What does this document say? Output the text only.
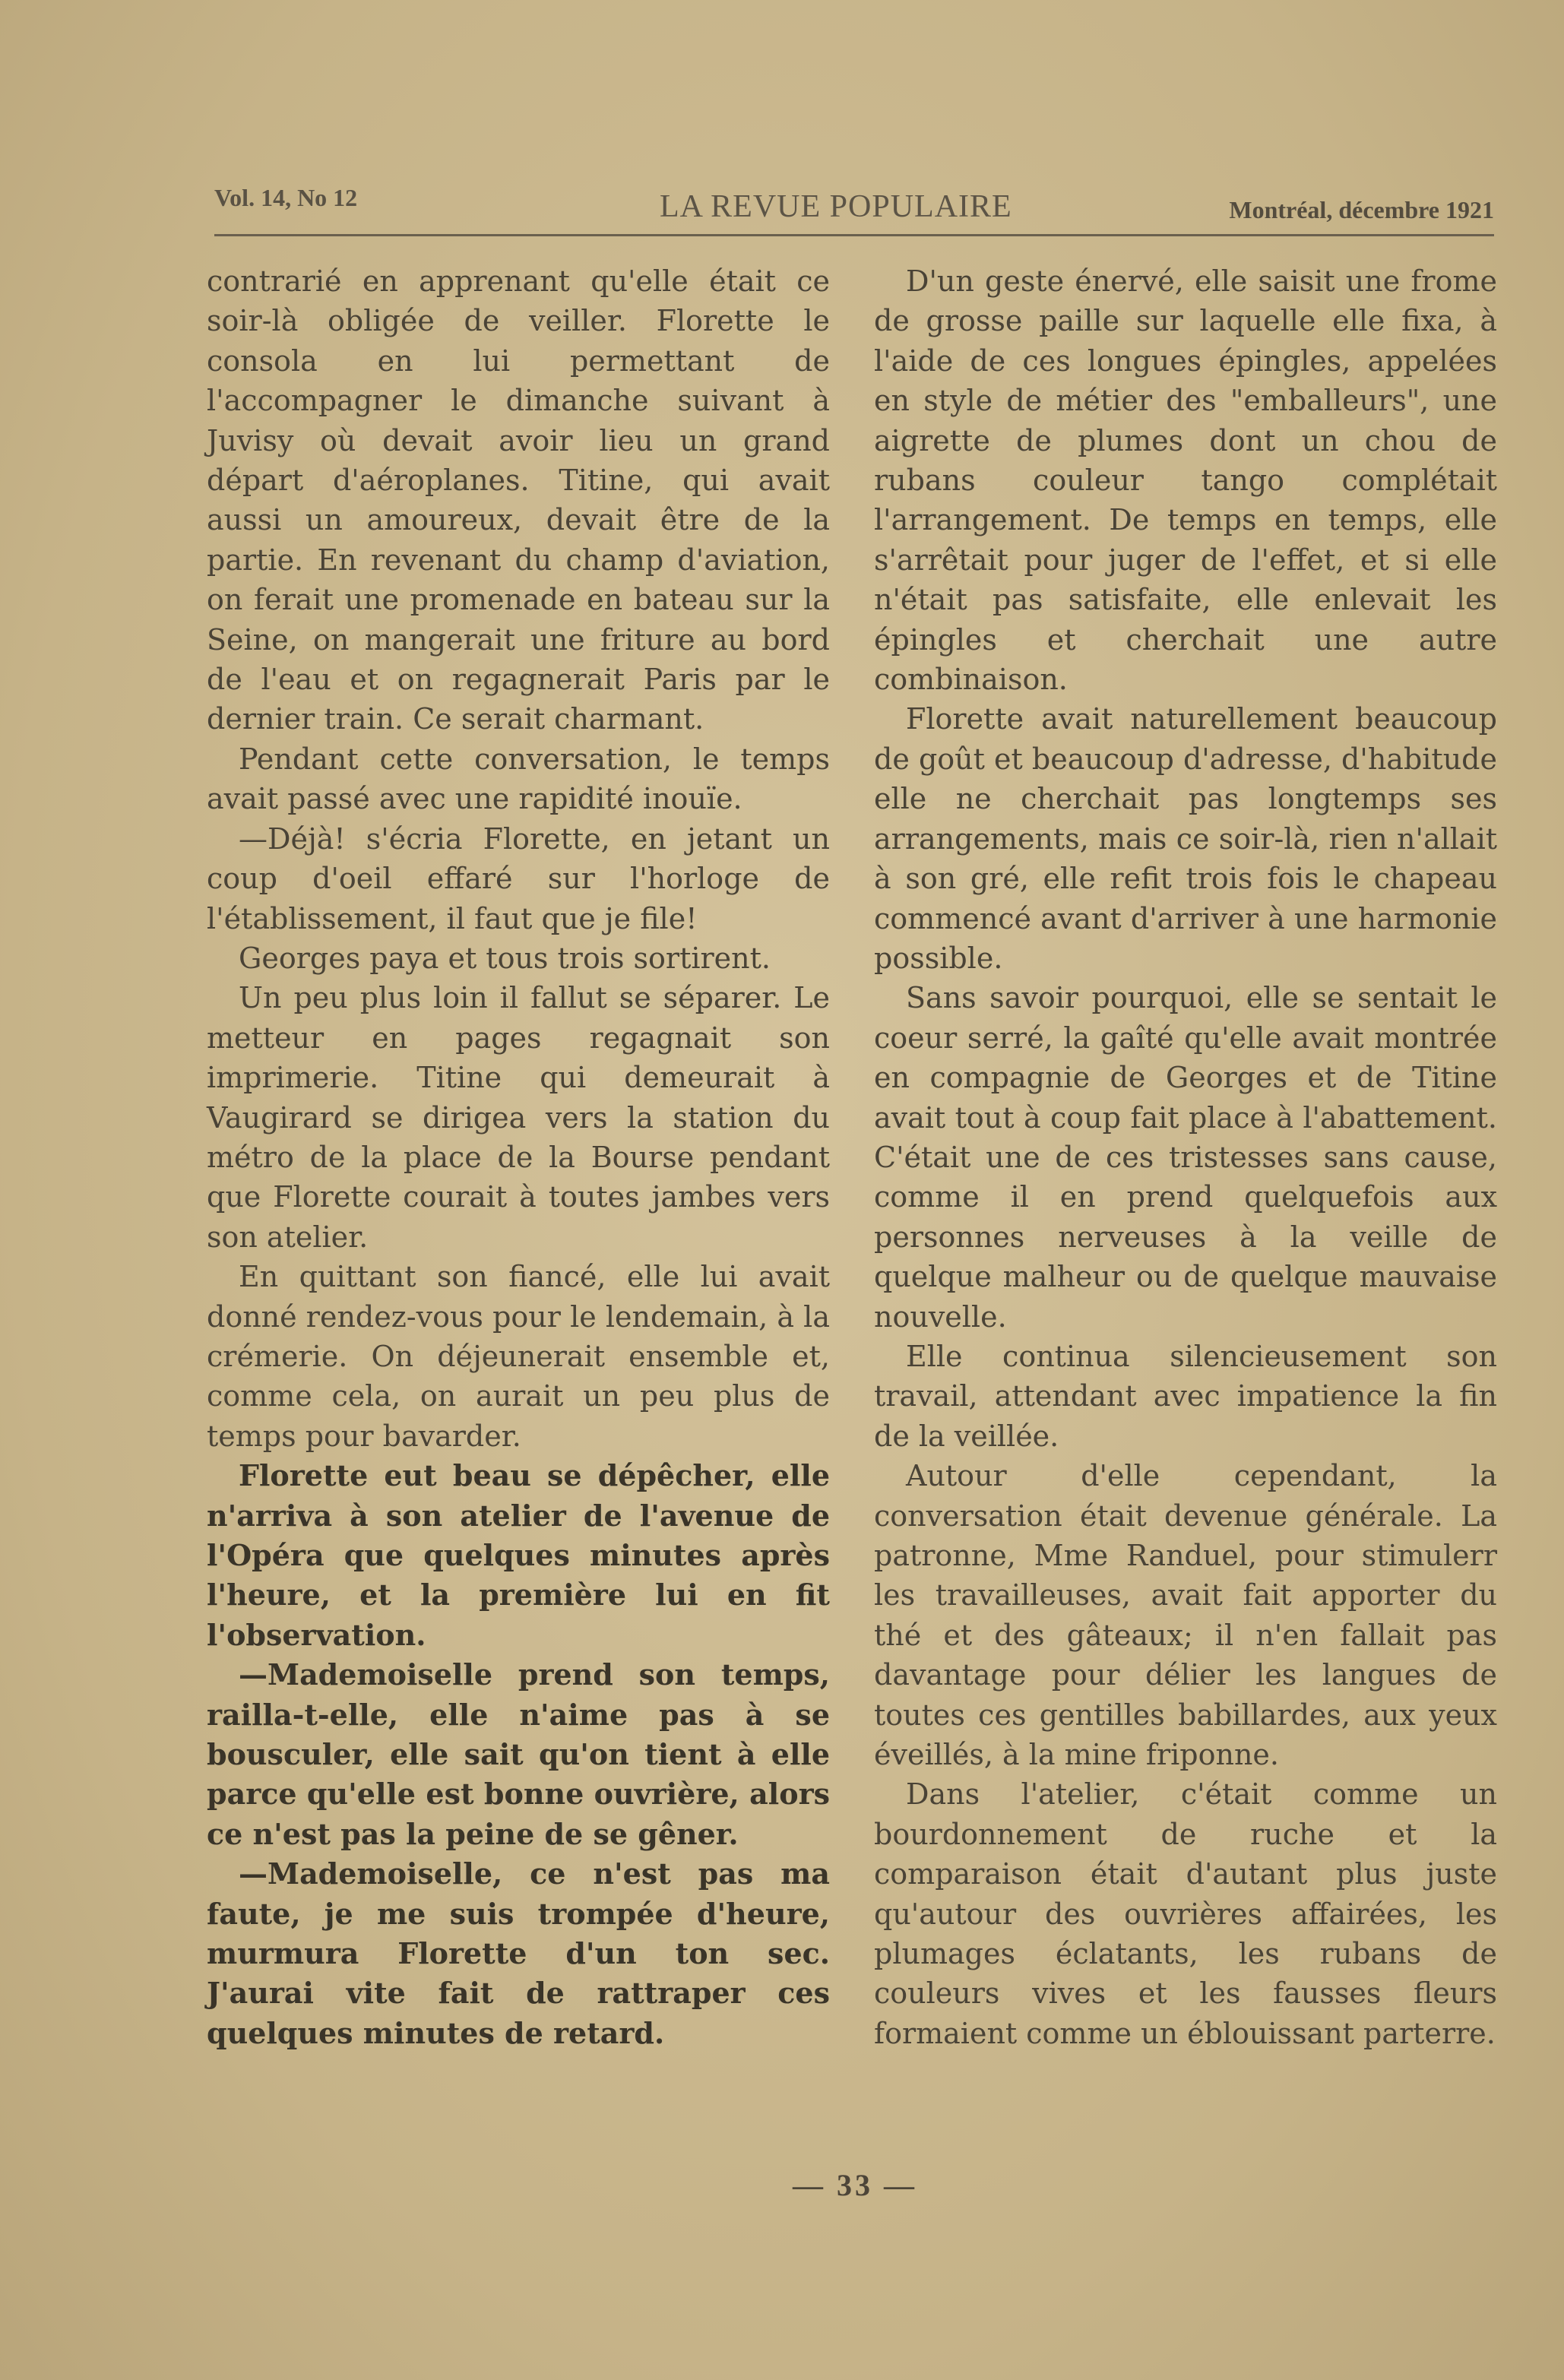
Vol. 14, No 12	LA REVUE POPULAIRE	Montréal, décembre 1921

contrarié en apprenant qu'elle était ce soir-là obligée de veiller. Florette le consola en lui permettant de l'accompagner le dimanche suivant à Juvisy où devait avoir lieu un grand départ d'aéroplanes. Titine, qui avait aussi un amoureux, devait être de la partie. En revenant du champ d'aviation, on ferait une promenade en bateau sur la Seine, on mangerait une friture au bord de l'eau et on regagnerait Paris par le dernier train. Ce serait charmant.

Pendant cette conversation, le temps avait passé avec une rapidité inouïe.

—Déjà! s'écria Florette, en jetant un coup d'oeil effaré sur l'horloge de l'établissement, il faut que je file!

Georges paya et tous trois sortirent.

Un peu plus loin il fallut se séparer. Le metteur en pages regagnait son imprimerie. Titine qui demeurait à Vaugirard se dirigea vers la station du métro de la place de la Bourse pendant que Florette courait à toutes jambes vers son atelier.

En quittant son fiancé, elle lui avait donné rendez-vous pour le lendemain, à la crémerie. On déjeunerait ensemble et, comme cela, on aurait un peu plus de temps pour bavarder.

Florette eut beau se dépêcher, elle n'arriva à son atelier de l'avenue de l'Opéra que quelques minutes après l'heure, et la première lui en fit l'observation.

—Mademoiselle prend son temps, railla-t-elle, elle n'aime pas à se bousculer, elle sait qu'on tient à elle parce qu'elle est bonne ouvrière, alors ce n'est pas la peine de se gêner.

—Mademoiselle, ce n'est pas ma faute, je me suis trompée d'heure, murmura Florette d'un ton sec. J'aurai vite fait de rattraper ces quelques minutes de retard.

D'un geste énervé, elle saisit une frome de grosse paille sur laquelle elle fixa, à l'aide de ces longues épingles, appelées en style de métier des "emballeurs", une aigrette de plumes dont un chou de rubans couleur tango complétait l'arrangement. De temps en temps, elle s'arrêtait pour juger de l'effet, et si elle n'était pas satisfaite, elle enlevait les épingles et cherchait une autre combinaison.

Florette avait naturellement beaucoup de goût et beaucoup d'adresse, d'habitude elle ne cherchait pas longtemps ses arrangements, mais ce soir-là, rien n'allait à son gré, elle refit trois fois le chapeau commencé avant d'arriver à une harmonie possible.

Sans savoir pourquoi, elle se sentait le coeur serré, la gaîté qu'elle avait montrée en compagnie de Georges et de Titine avait tout à coup fait place à l'abattement. C'était une de ces tristesses sans cause, comme il en prend quelquefois aux personnes nerveuses à la veille de quelque malheur ou de quelque mauvaise nouvelle.

Elle continua silencieusement son travail, attendant avec impatience la fin de la veillée.

Autour d'elle cependant, la conversation était devenue générale. La patronne, Mme Randuel, pour stimulerr les travailleuses, avait fait apporter du thé et des gâteaux; il n'en fallait pas davantage pour délier les langues de toutes ces gentilles babillardes, aux yeux éveillés, à la mine friponne.

Dans l'atelier, c'était comme un bourdonnement de ruche et la comparaison était d'autant plus juste qu'autour des ouvrières affairées, les plumages éclatants, les rubans de couleurs vives et les fausses fleurs formaient comme un éblouissant parterre.

— 33 —
